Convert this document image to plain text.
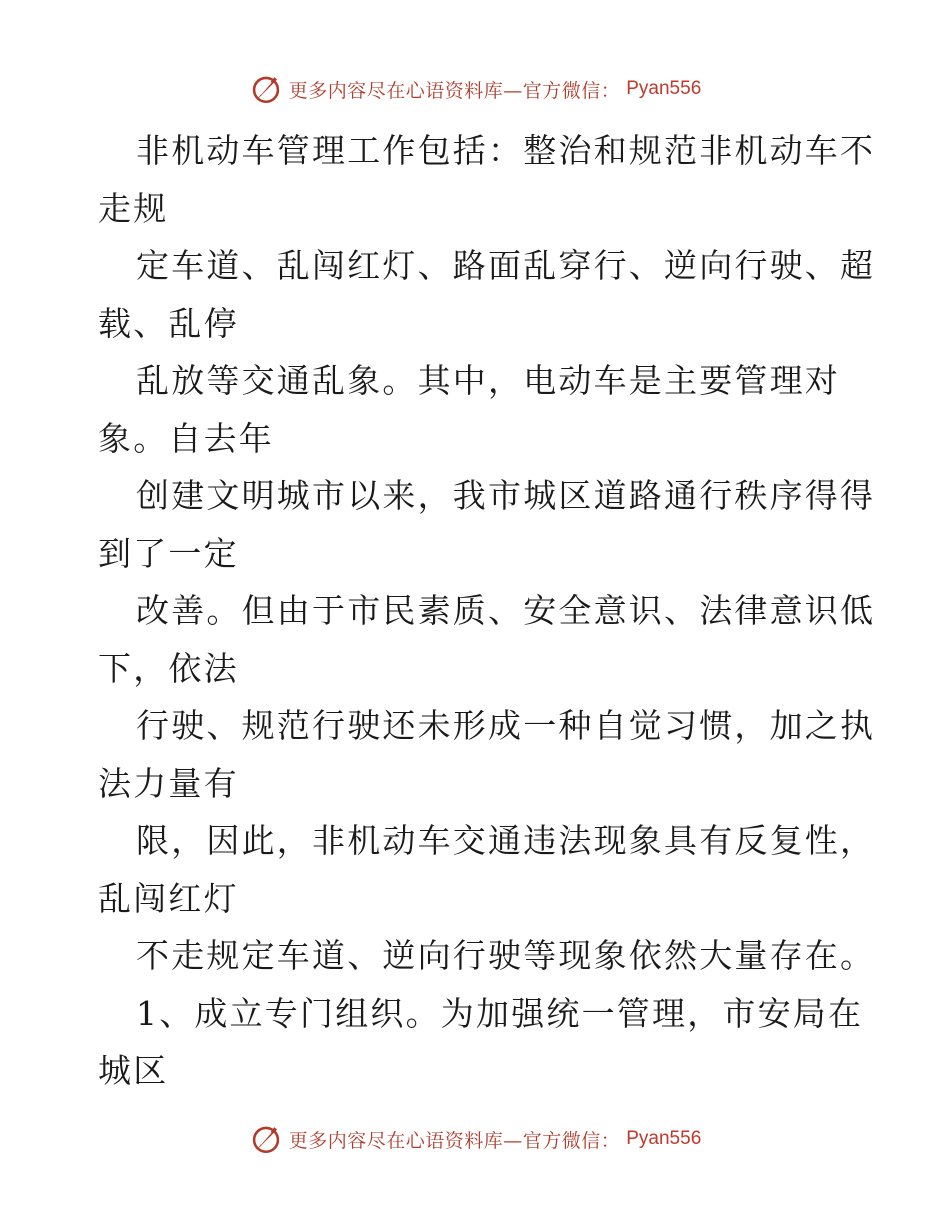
更多内容尽在心语资料库—官方微信： Pyan556
非机动车管理工作包括：整治和规范非机动车不
走规
定车道、乱闯红灯、路面乱穿行、逆向行驶、超
载、乱停
乱放等交通乱象。其中，电动车是主要管理对
象。自去年
创建文明城市以来，我市城区道路通行秩序得得
到了一定
改善。但由于市民素质、安全意识、法律意识低
下，依法
行驶、规范行驶还未形成一种自觉习惯，加之执
法力量有
限，因此，非机动车交通违法现象具有反复性，
乱闯红灯
不走规定车道、逆向行驶等现象依然大量存在。
1、成立专门组织。为加强统一管理，市安局在
城区
更多内容尽在心语资料库—官方微信： Pyan556
